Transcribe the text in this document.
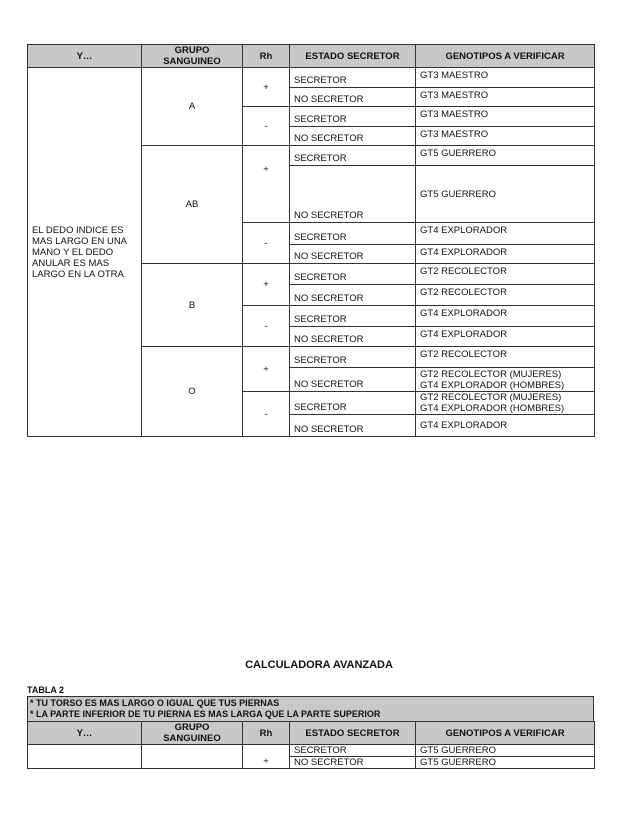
Y…	GRUPO SANGUINEO	Rh	ESTADO SECRETOR	GENOTIPOS A VERIFICAR

EL DEDO INDICE ES MAS LARGO EN UNA MANO Y EL DEDO ANULAR ES MAS LARGO EN LA OTRA	A	+	SECRETOR	GT3 MAESTRO
			NO SECRETOR	GT3 MAESTRO
		-	SECRETOR	GT3 MAESTRO
			NO SECRETOR	GT3 MAESTRO
	AB	+	SECRETOR	GT5 GUERRERO
			NO SECRETOR	GT5 GUERRERO
		-	SECRETOR	GT4 EXPLORADOR
			NO SECRETOR	GT4 EXPLORADOR
	B	+	SECRETOR	GT2 RECOLECTOR
			NO SECRETOR	GT2 RECOLECTOR
		-	SECRETOR	GT4 EXPLORADOR
			NO SECRETOR	GT4 EXPLORADOR
	O	+	SECRETOR	GT2 RECOLECTOR
			NO SECRETOR	GT2 RECOLECTOR (MUJERES)
GT4 EXPLORADOR (HOMBRES)

		-	SECRETOR	GT2 RECOLECTOR (MUJERES)
GT4 EXPLORADOR (HOMBRES)

			NO SECRETOR	GT4 EXPLORADOR
CALCULADORA AVANZADA
TABLA 2
* TU TORSO ES MAS LARGO O IGUAL QUE TUS PIERNAS
* LA PARTE INFERIOR DE TU PIERNA ES MAS LARGA QUE LA PARTE SUPERIOR
Y…	GRUPO SANGUINEO	Rh	ESTADO SECRETOR	GENOTIPOS A VERIFICAR
		+	SECRETOR	GT5 GUERRERO
			NO SECRETOR	GT5 GUERRERO
